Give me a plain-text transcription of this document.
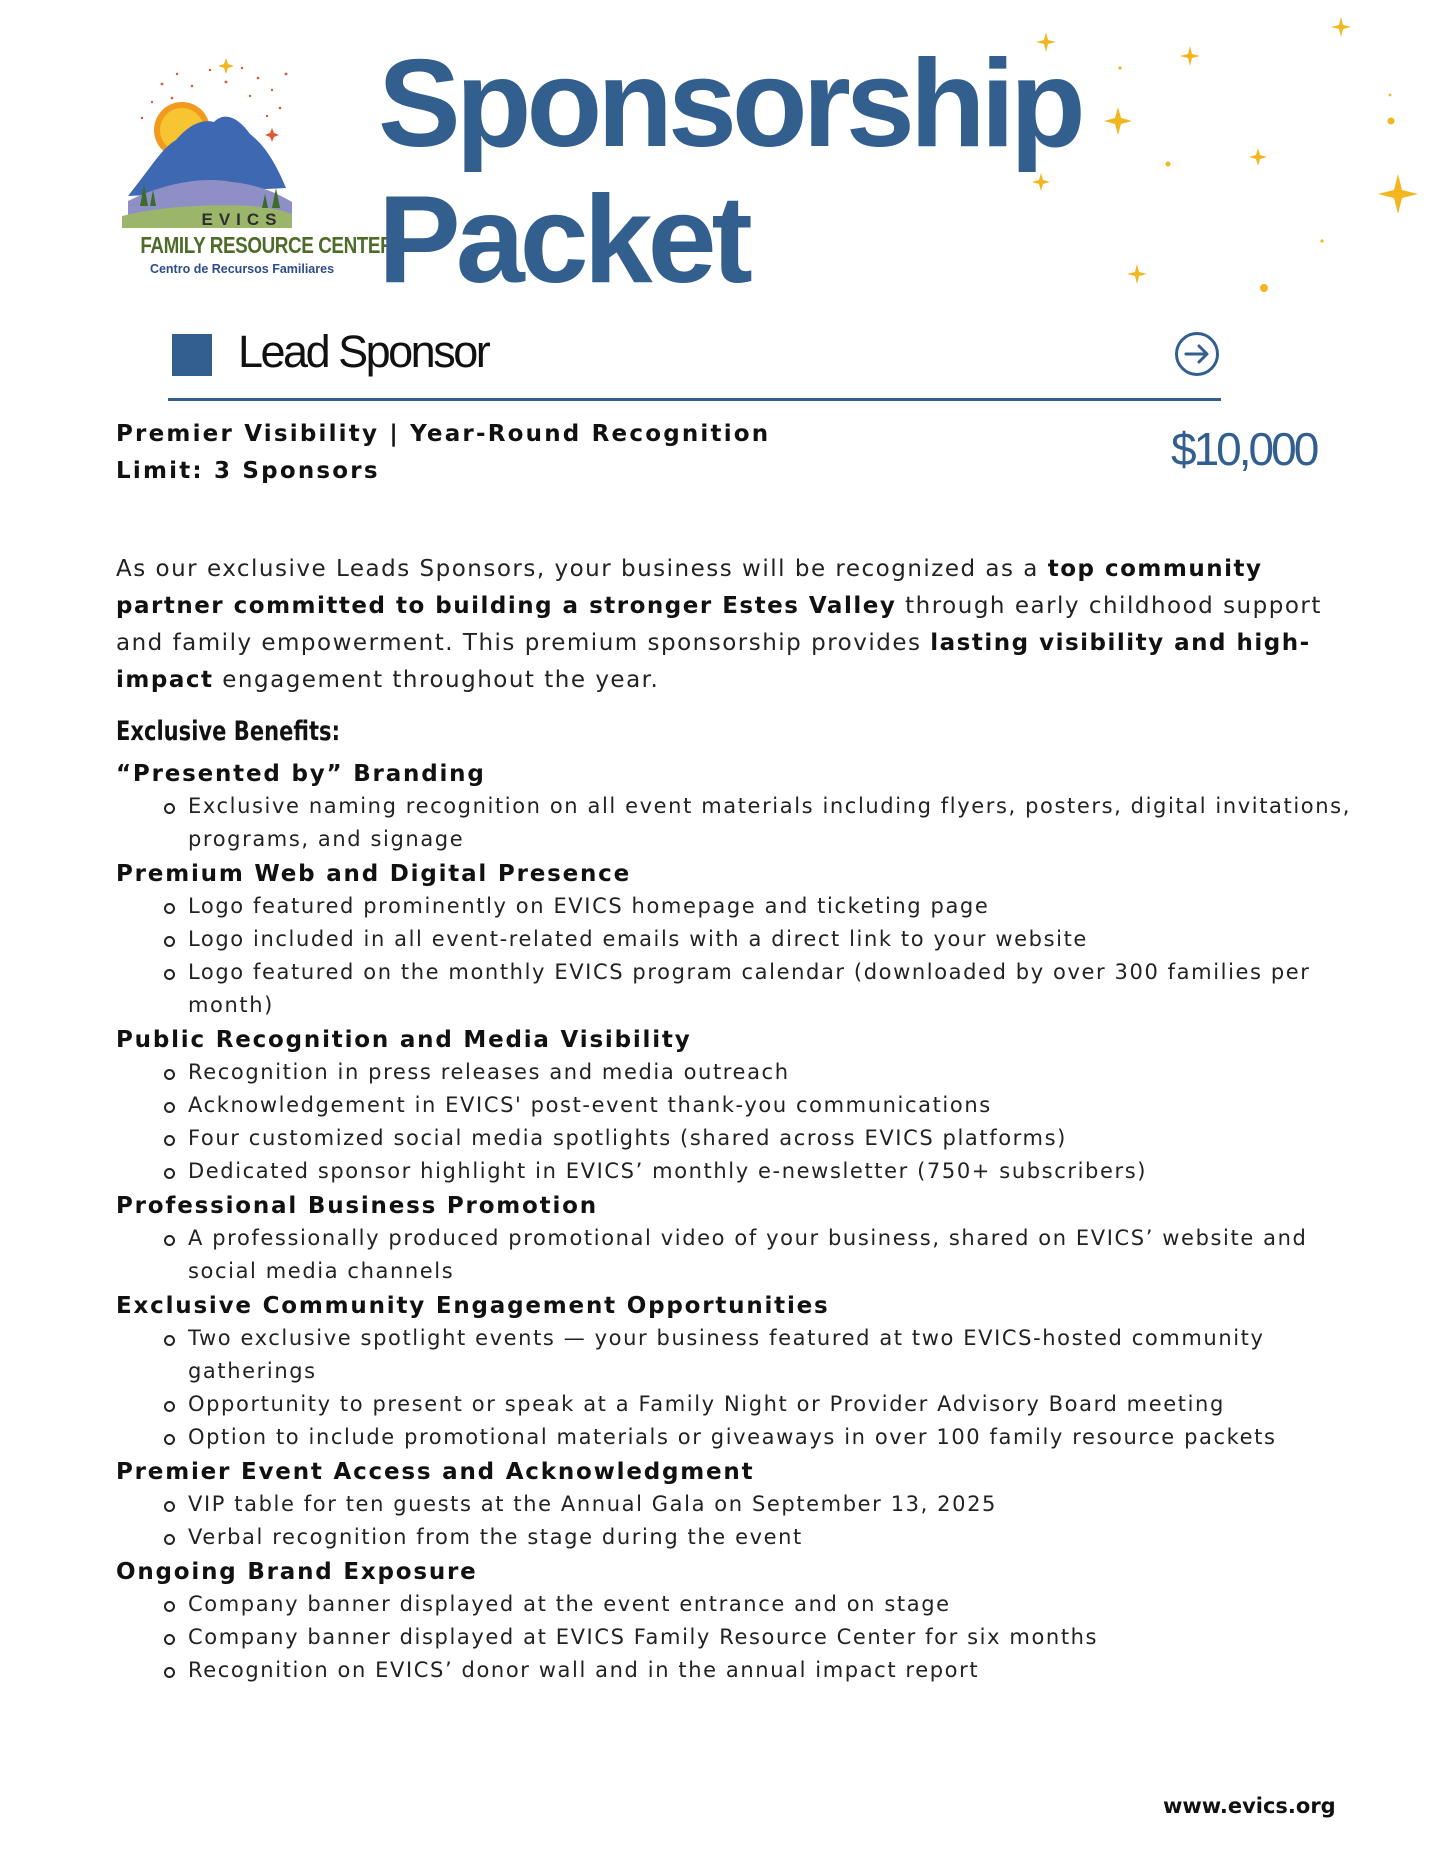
EVICS
FAMILY RESOURCE CENTER
Centro de Recursos Familiares
Sponsorship
Packet
Lead Sponsor
Premier Visibility | Year-Round Recognition
Limit: 3 Sponsors	$10,000

As our exclusive Leads Sponsors, your business will be recognized as a top community partner committed to building a stronger Estes Valley through early childhood support and family empowerment. This premium sponsorship provides lasting visibility and high-impact engagement throughout the year.

Exclusive Benefits:
“Presented by” Branding
Exclusive naming recognition on all event materials including flyers, posters, digital invitations, programs, and signage
Premium Web and Digital Presence
Logo featured prominently on EVICS homepage and ticketing page
Logo included in all event-related emails with a direct link to your website
Logo featured on the monthly EVICS program calendar (downloaded by over 300 families per month)
Public Recognition and Media Visibility
Recognition in press releases and media outreach
Acknowledgement in EVICS' post-event thank-you communications
Four customized social media spotlights (shared across EVICS platforms)
Dedicated sponsor highlight in EVICS’ monthly e-newsletter (750+ subscribers)
Professional Business Promotion
A professionally produced promotional video of your business, shared on EVICS’ website and social media channels
Exclusive Community Engagement Opportunities
Two exclusive spotlight events — your business featured at two EVICS-hosted community gatherings
Opportunity to present or speak at a Family Night or Provider Advisory Board meeting
Option to include promotional materials or giveaways in over 100 family resource packets
Premier Event Access and Acknowledgment
VIP table for ten guests at the Annual Gala on September 13, 2025
Verbal recognition from the stage during the event
Ongoing Brand Exposure
Company banner displayed at the event entrance and on stage
Company banner displayed at EVICS Family Resource Center for six months
Recognition on EVICS’ donor wall and in the annual impact report
www.evics.org
